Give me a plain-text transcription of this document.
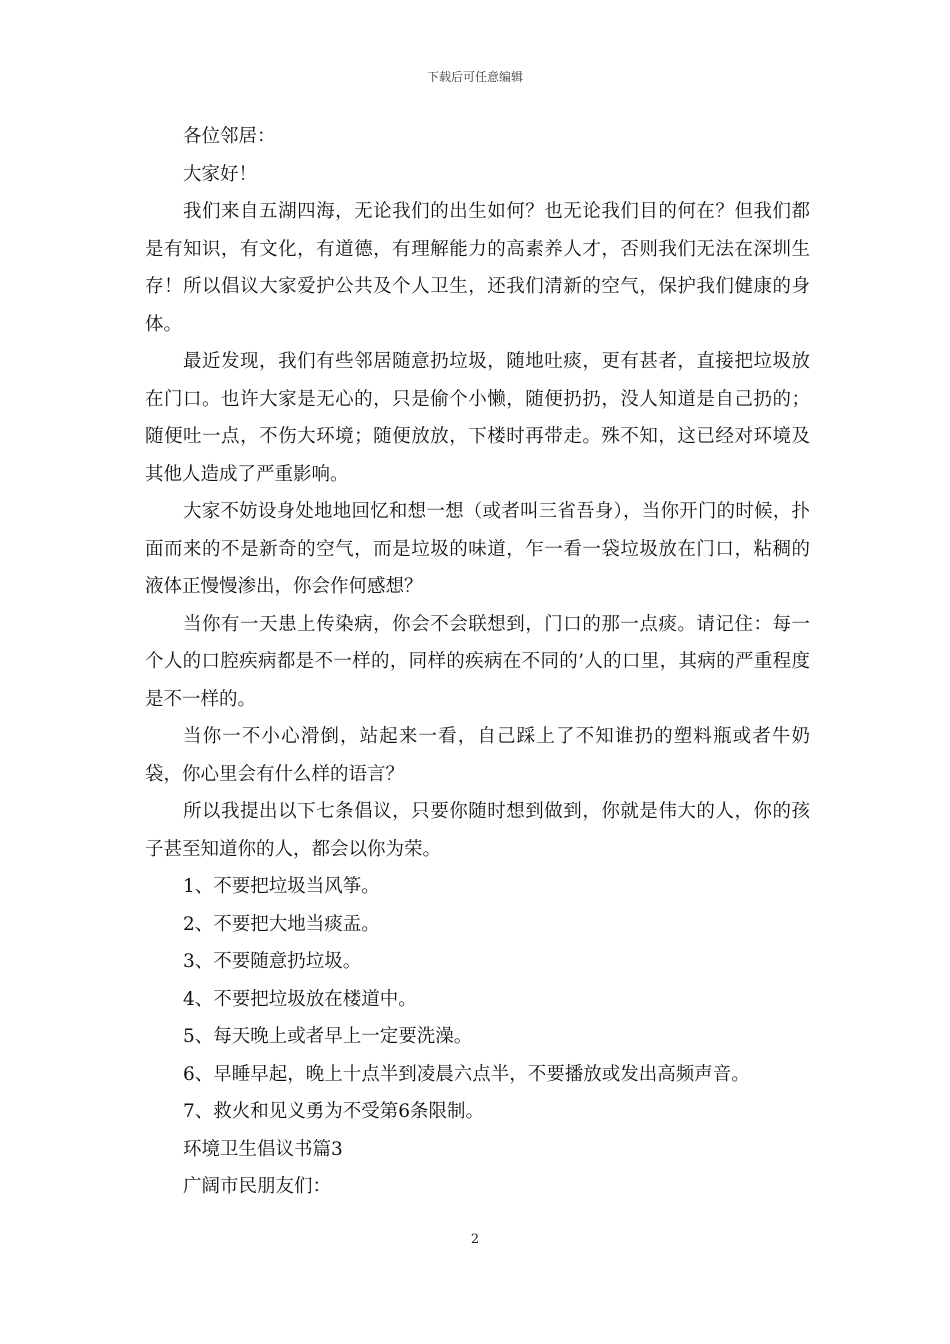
下载后可任意编辑

各位邻居：

大家好！

我们来自五湖四海，无论我们的出生如何？也无论我们目的何在？但我们都是有知识，有文化，有道德，有理解能力的高素养人才，否则我们无法在深圳生存！所以倡议大家爱护公共及个人卫生，还我们清新的空气，保护我们健康的身体。

最近发现，我们有些邻居随意扔垃圾，随地吐痰，更有甚者，直接把垃圾放在门口。也许大家是无心的，只是偷个小懒，随便扔扔，没人知道是自己扔的；随便吐一点，不伤大环境；随便放放，下楼时再带走。殊不知，这已经对环境及其他人造成了严重影响。

大家不妨设身处地地回忆和想一想（或者叫三省吾身），当你开门的时候，扑面而来的不是新奇的空气，而是垃圾的味道，乍一看一袋垃圾放在门口，粘稠的液体正慢慢渗出，你会作何感想？

当你有一天患上传染病，你会不会联想到，门口的那一点痰。请记住：每一个人的口腔疾病都是不一样的，同样的疾病在不同的’人的口里，其病的严重程度是不一样的。

当你一不小心滑倒，站起来一看，自己踩上了不知谁扔的塑料瓶或者牛奶袋，你心里会有什么样的语言？

所以我提出以下七条倡议，只要你随时想到做到，你就是伟大的人，你的孩子甚至知道你的人，都会以你为荣。

1、不要把垃圾当风筝。

2、不要把大地当痰盂。

3、不要随意扔垃圾。

4、不要把垃圾放在楼道中。

5、每天晚上或者早上一定要洗澡。

6、早睡早起，晚上十点半到凌晨六点半，不要播放或发出高频声音。

7、救火和见义勇为不受第6条限制。

环境卫生倡议书篇3

广阔市民朋友们：

2
